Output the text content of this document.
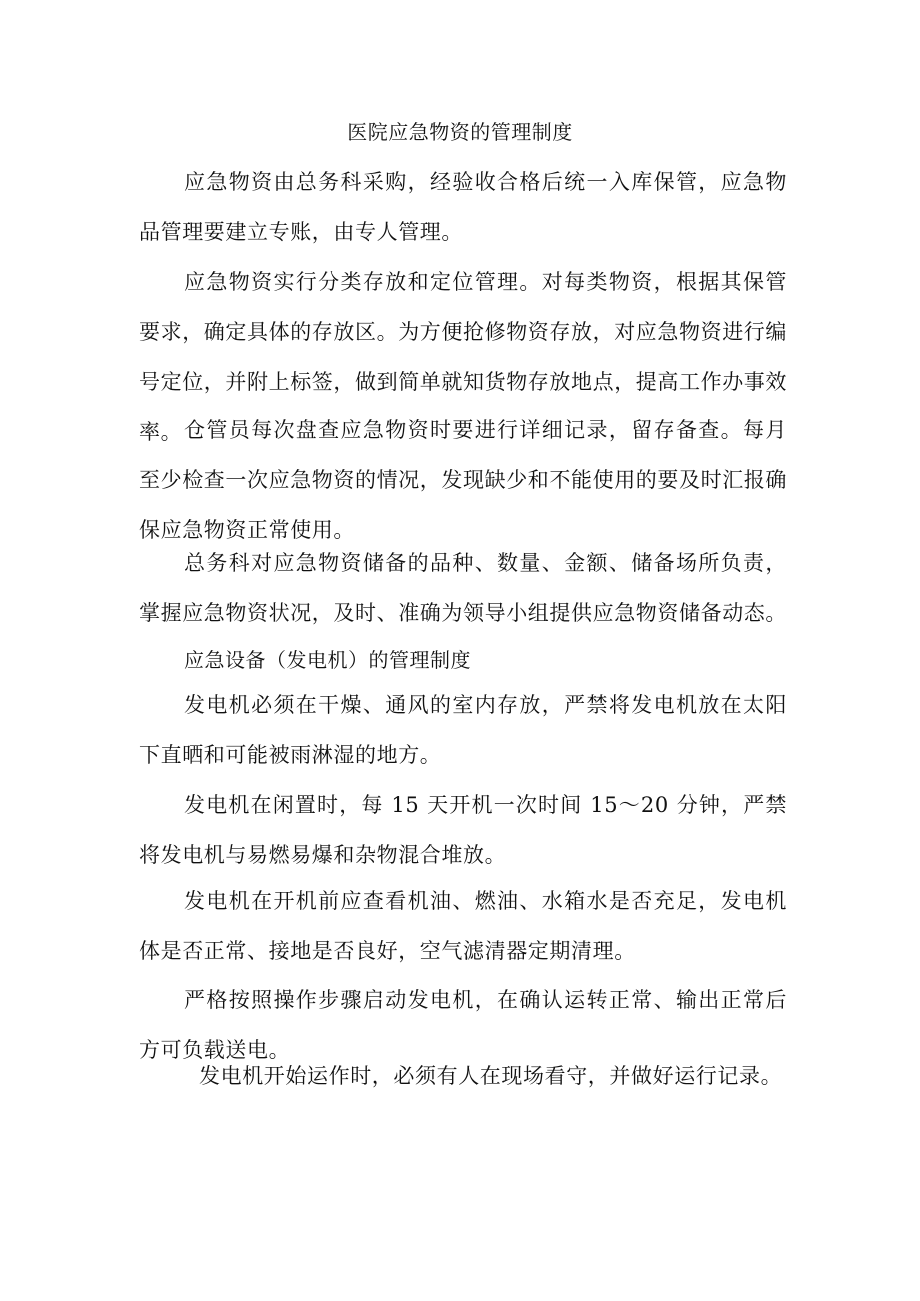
医院应急物资的管理制度

应急物资由总务科采购，经验收合格后统一入库保管，应急物品管理要建立专账，由专人管理。

应急物资实行分类存放和定位管理。对每类物资，根据其保管要求，确定具体的存放区。为方便抢修物资存放，对应急物资进行编号定位，并附上标签，做到简单就知货物存放地点，提高工作办事效率。 仓管员每次盘查应急物资时要进行详细记录，留存备查。每月至少检查一次应急物资的情况，发现缺少和不能使用的要及时汇报确保应急物资正常使用。

总务科对应急物资储备的品种、数量、金额、储备场所负责，掌握应急物资状况，及时、准确为领导小组提供应急物资储备动态。

应急设备（发电机）的管理制度

发电机必须在干燥、通风的室内存放，严禁将发电机放在太阳下直晒和可能被雨淋湿的地方。

发电机在闲置时，每 15 天开机一次时间 15～20 分钟，严禁将发电机与易燃易爆和杂物混合堆放。

发电机在开机前应查看机油、燃油、水箱水是否充足，发电机体是否正常、接地是否良好，空气滤清器定期清理。

严格按照操作步骤启动发电机，在确认运转正常、输出正常后方可负载送电。

发电机开始运作时，必须有人在现场看守，并做好运行记录。
